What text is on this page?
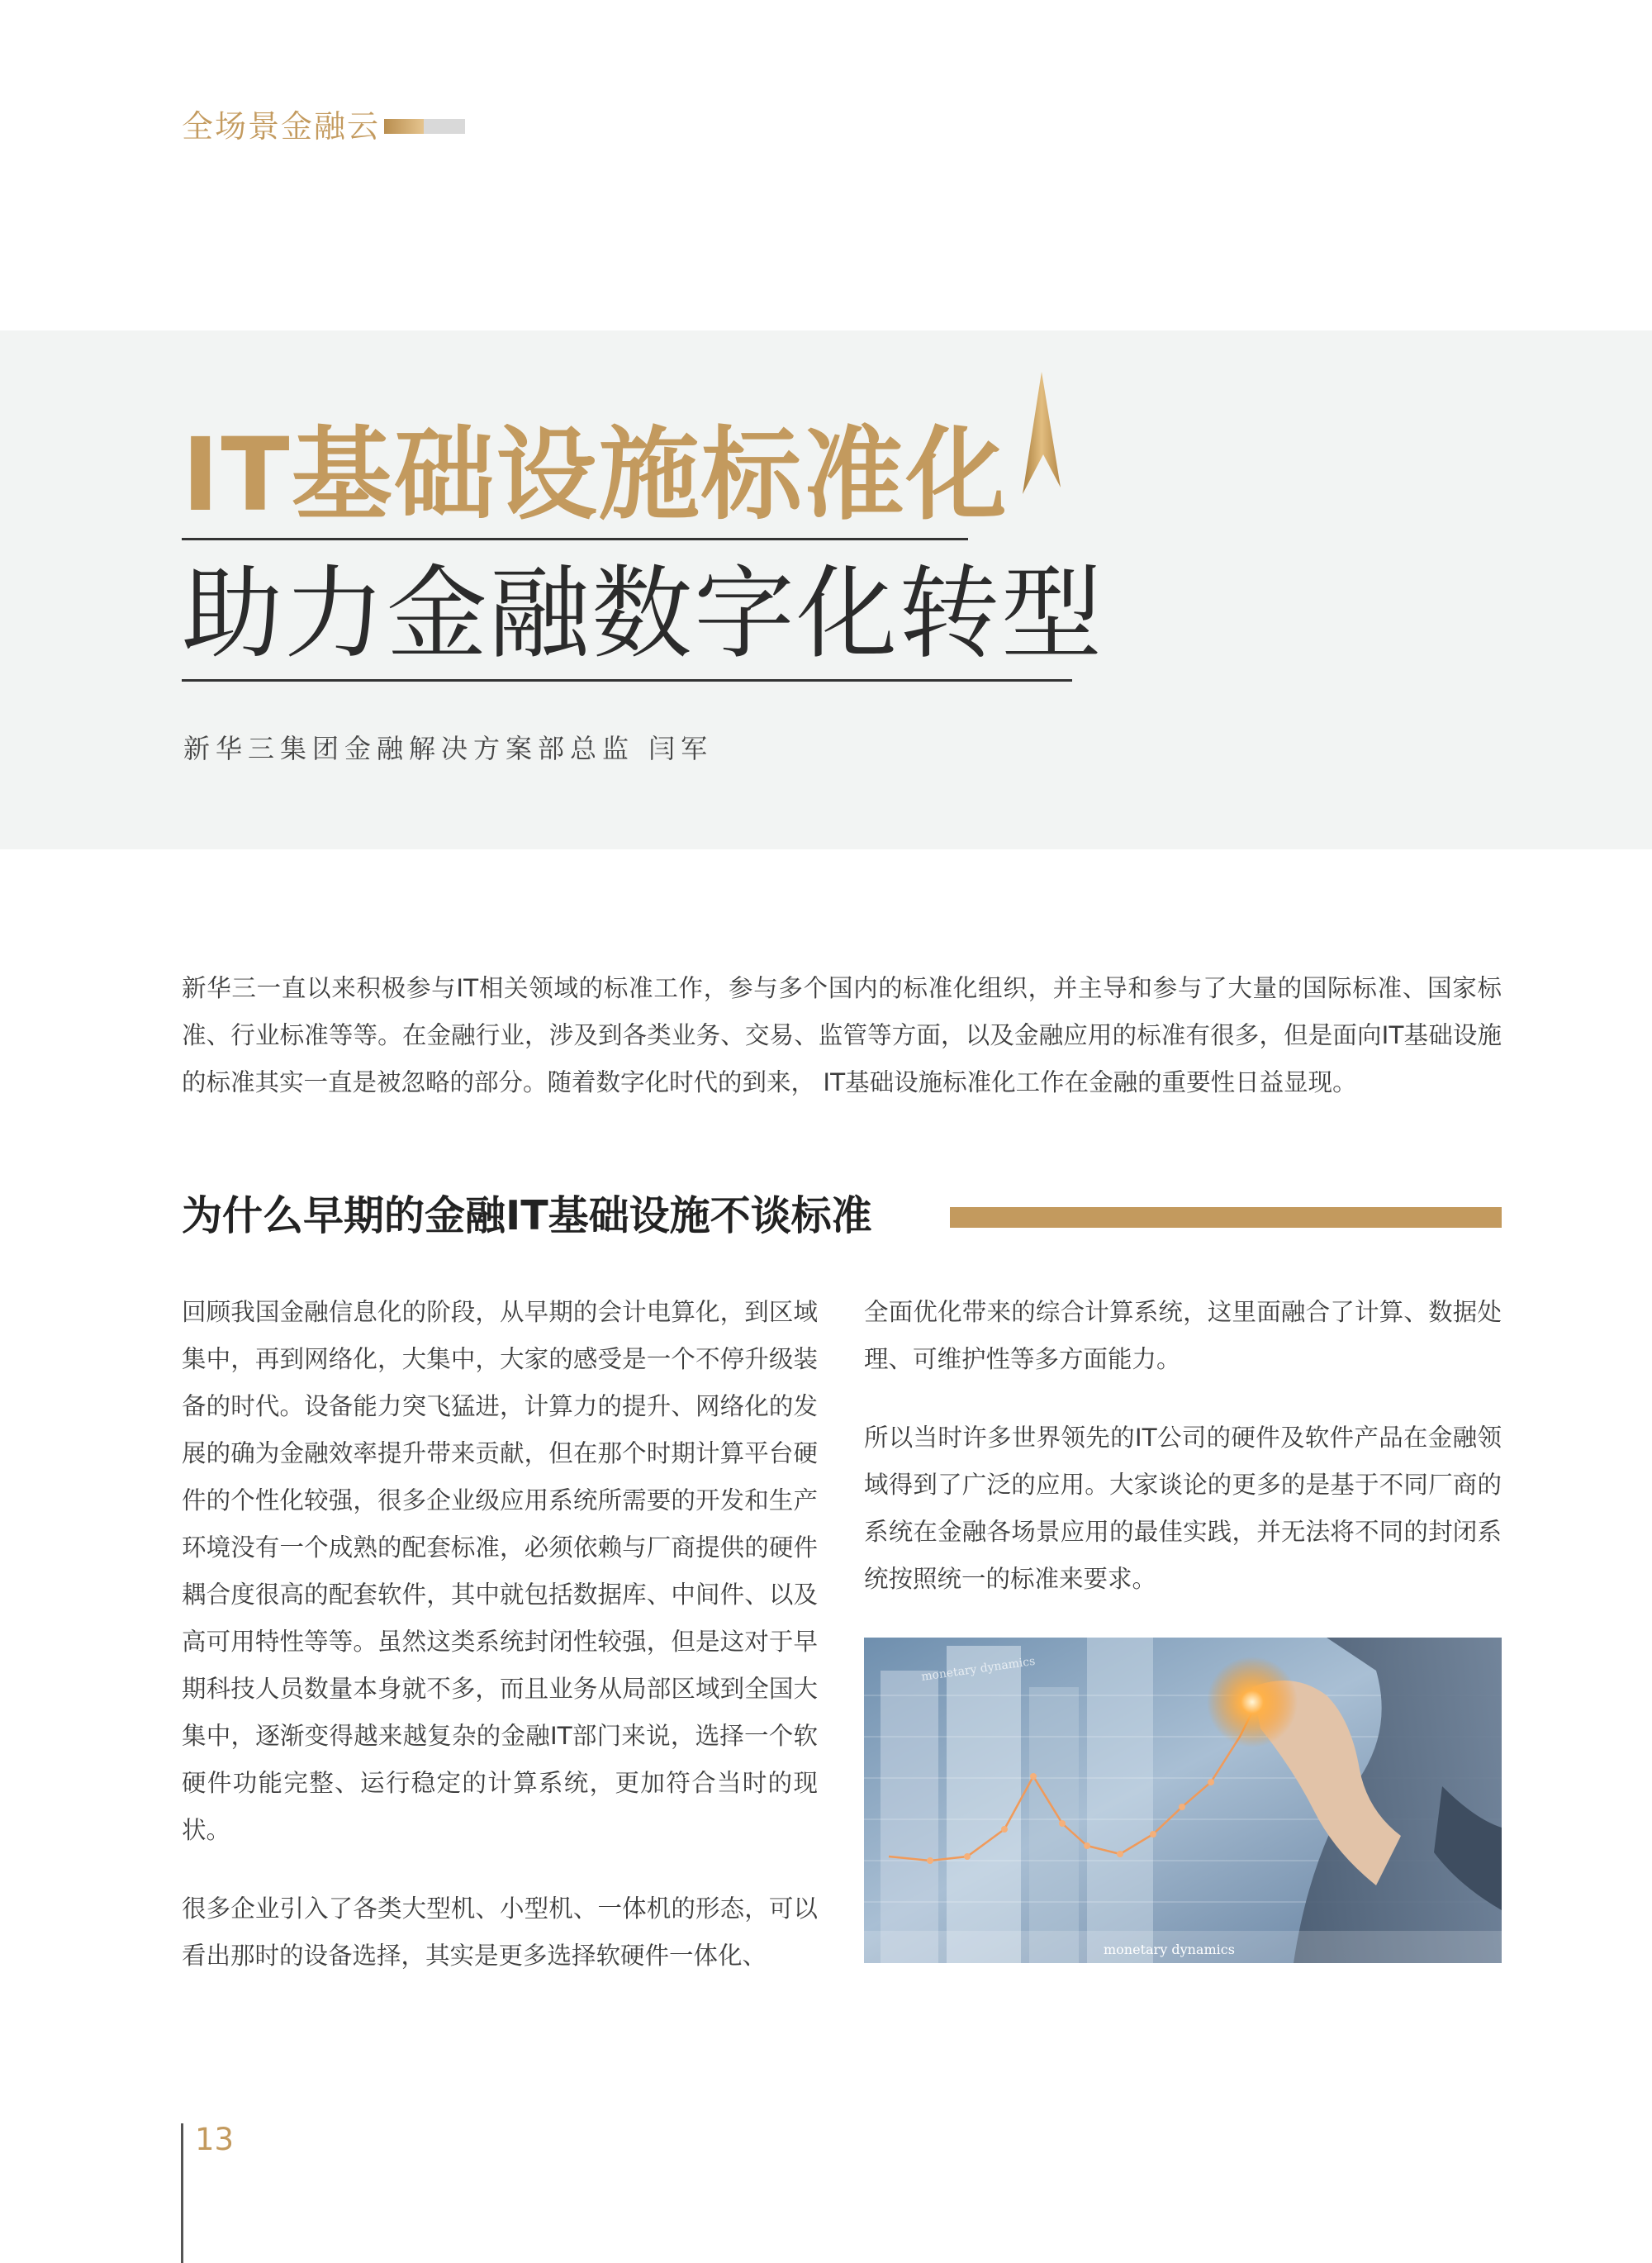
全场景金融云
IT基础设施标准化
助力金融数字化转型
新华三集团金融解决方案部总监 闫军

新华三一直以来积极参与IT相关领域的标准工作，参与多个国内的标准化组织，并主导和参与了大量的国际标准、国家标准、行业标准等等。在金融行业，涉及到各类业务、交易、监管等方面，以及金融应用的标准有很多，但是面向IT基础设施的标准其实一直是被忽略的部分。随着数字化时代的到来， IT基础设施标准化工作在金融的重要性日益显现。

为什么早期的金融IT基础设施不谈标准

回顾我国金融信息化的阶段，从早期的会计电算化，到区域集中，再到网络化，大集中，大家的感受是一个不停升级装备的时代。设备能力突飞猛进，计算力的提升、网络化的发展的确为金融效率提升带来贡献，但在那个时期计算平台硬件的个性化较强，很多企业级应用系统所需要的开发和生产环境没有一个成熟的配套标准，必须依赖与厂商提供的硬件耦合度很高的配套软件，其中就包括数据库、中间件、以及高可用特性等等。虽然这类系统封闭性较强，但是这对于早期科技人员数量本身就不多，而且业务从局部区域到全国大集中，逐渐变得越来越复杂的金融IT部门来说，选择一个软硬件功能完整、运行稳定的计算系统，更加符合当时的现状。

很多企业引入了各类大型机、小型机、一体机的形态，可以看出那时的设备选择，其实是更多选择软硬件一体化、

全面优化带来的综合计算系统，这里面融合了计算、数据处理、可维护性等多方面能力。

所以当时许多世界领先的IT公司的硬件及软件产品在金融领域得到了广泛的应用。大家谈论的更多的是基于不同厂商的系统在金融各场景应用的最佳实践，并无法将不同的封闭系统按照统一的标准来要求。

monetary dynamics
monetary dynamics
13
